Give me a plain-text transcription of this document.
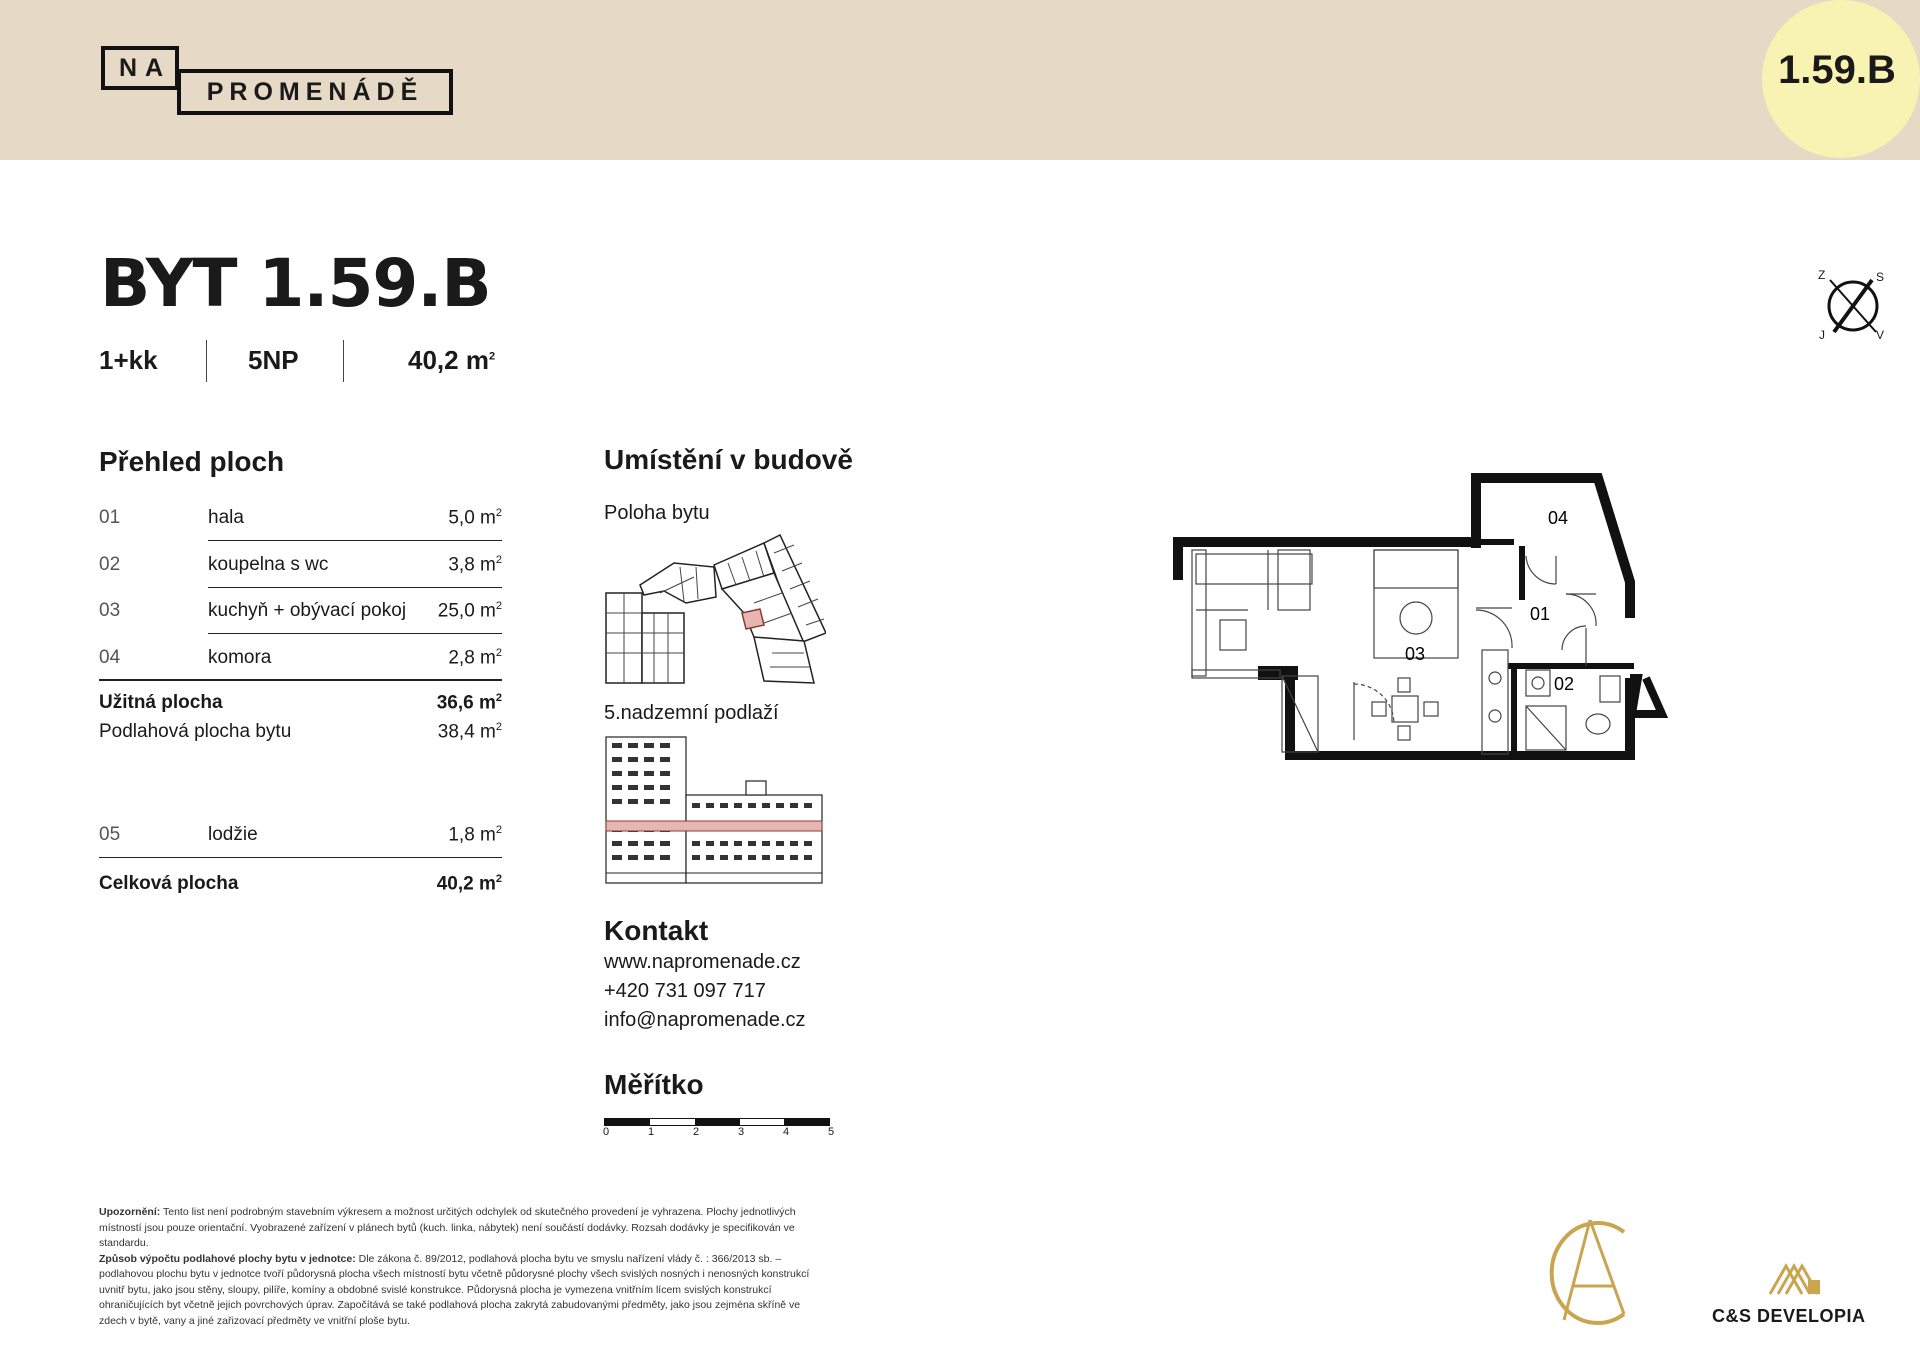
NA
PROMENÁDĚ	1.59.B
BYT 1.59.B
1+kk	5NP	40,2 $m^2$
Z	S
J	V
Přehled ploch
01	hala	5,0 $m^2$
02	koupelna s wc	3,8 $m^2$
03	kuchyň + obývací pokoj 25,0 $m^2$
04	komora	2,8 $m^2$
Užitná plocha	36,6 $m^2$
Podlahová plocha bytu	38,4 $m^2$
05	lodžie	1,8 $m^2$
Celková plocha	40,2 $m^2$
Umístění v budově
Poloha bytu
5.nadzemní podlaží
Kontakt
www.napromenade.cz
+420 731 097 717
info@napromenade.cz
Měřítko
0	1	2	3	4	5
04
01
03
02
Upozornění: Tento list není podrobným stavebním výkresem a možnost určitých odchylek od skutečného provedení je vyhrazena. Plochy jednotlivých místností jsou pouze orientační. Vyobrazené zařízení v plánech bytů (kuch. linka, nábytek) není součástí dodávky. Rozsah dodávky je specifikován ve standardu.
Způsob výpočtu podlahové plochy bytu v jednotce: Dle zákona č. 89/2012, podlahová plocha bytu ve smyslu nařízení vlády č. : 366/2013 sb. – podlahovou plochu bytu v jednotce tvoří půdorysná plocha všech místností bytu včetně půdorysné plochy všech svislých nosných i nenosných konstrukcí uvnitř bytu, jako jsou stěny, sloupy, pilíře, komíny a obdobné svislé konstrukce. Půdorysná plocha je vymezena vnitřním lícem svislých konstrukcí ohraničujících byt včetně jejich povrchových úprav. Započítává se také podlahová plocha zakrytá zabudovanými předměty, jako jsou zejména skříně ve zdech v bytě, vany a jiné zařizovací předměty ve vnitřní ploše bytu.	C&S DEVELOPIA
